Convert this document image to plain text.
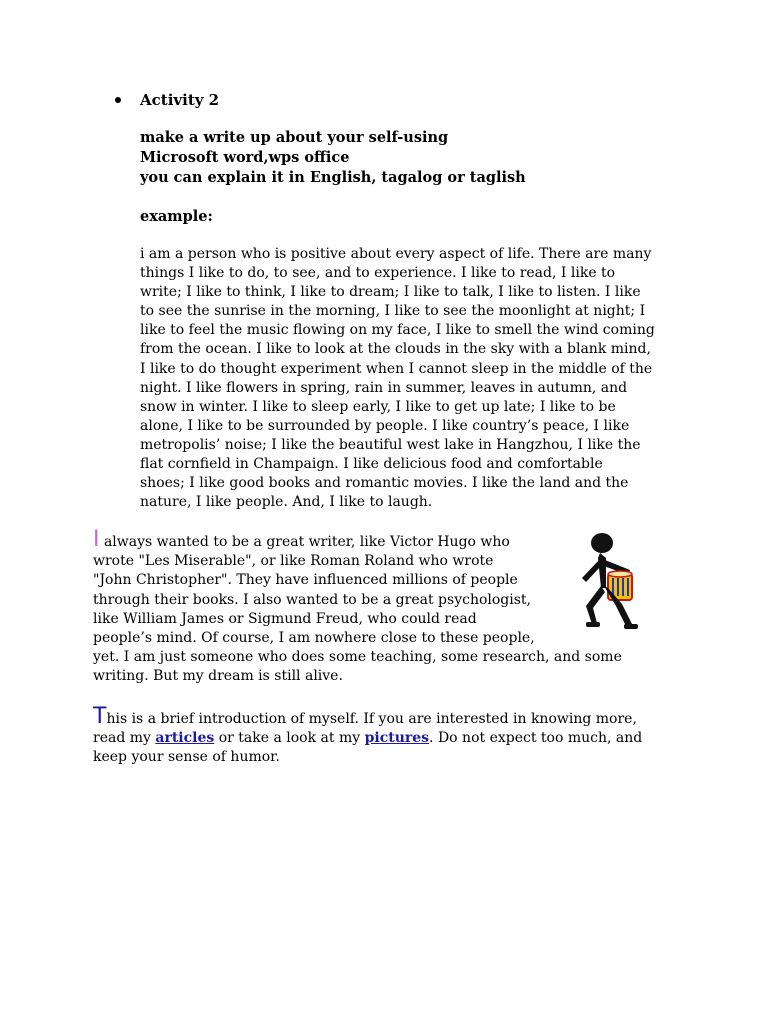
Activity 2
make a write up about your self-using
Microsoft word,wps office
you can explain it in English, tagalog or taglish
example:
i am a person who is positive about every aspect of life. There are many
things I like to do, to see, and to experience. I like to read, I like to
write; I like to think, I like to dream; I like to talk, I like to listen. I like
to see the sunrise in the morning, I like to see the moonlight at night; I
like to feel the music flowing on my face, I like to smell the wind coming
from the ocean. I like to look at the clouds in the sky with a blank mind,
I like to do thought experiment when I cannot sleep in the middle of the
night. I like flowers in spring, rain in summer, leaves in autumn, and
snow in winter. I like to sleep early, I like to get up late; I like to be
alone, I like to be surrounded by people. I like country’s peace, I like
metropolis’ noise; I like the beautiful west lake in Hangzhou, I like the
flat cornfield in Champaign. I like delicious food and comfortable
shoes; I like good books and romantic movies. I like the land and the
nature, I like people. And, I like to laugh.
I always wanted to be a great writer, like Victor Hugo who
wrote "Les Miserable", or like Roman Roland who wrote
"John Christopher". They have influenced millions of people
through their books. I also wanted to be a great psychologist,
like William James or Sigmund Freud, who could read
people’s mind. Of course, I am nowhere close to these people,
yet. I am just someone who does some teaching, some research, and some
writing. But my dream is still alive.
This is a brief introduction of myself. If you are interested in knowing more,
read my articles or take a look at my pictures. Do not expect too much, and
keep your sense of humor.
